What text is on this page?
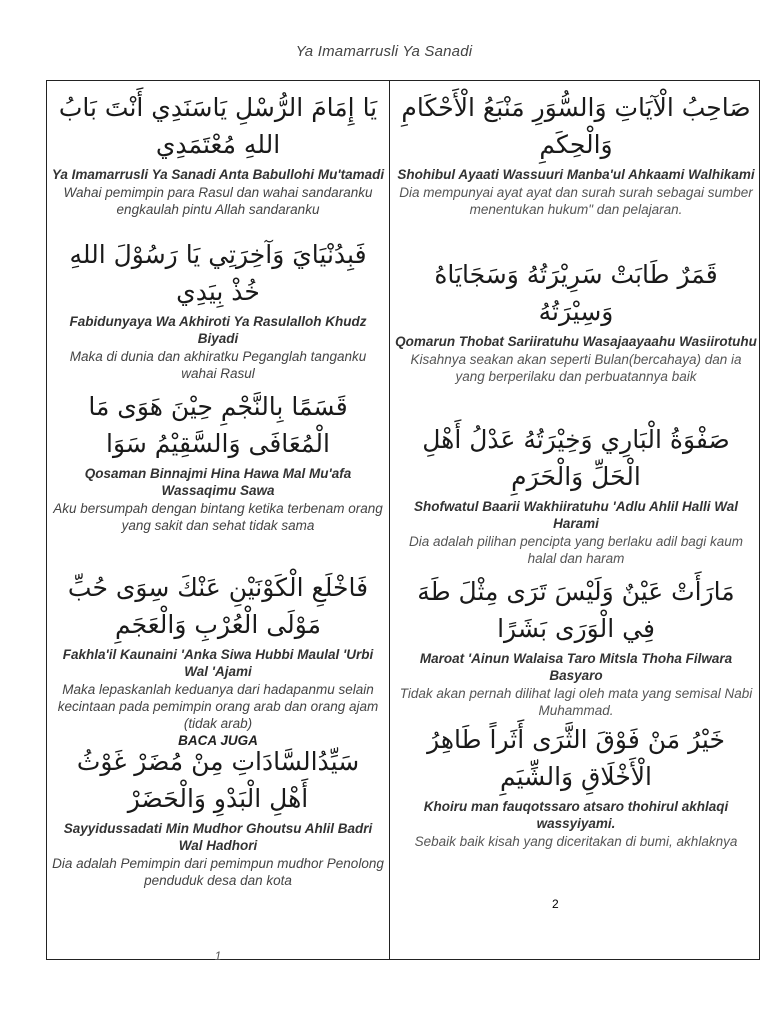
Ya Imamarrusli Ya Sanadi
يَا إِمَامَ الرُّسْلِ يَاسَنَدِي أَنْتَ بَابُ اللهِ مُعْتَمَدِي
Ya Imamarrusli Ya Sanadi Anta Babullohi Mu'tamadi
Wahai pemimpin para Rasul dan wahai sandaranku engkaulah pintu Allah sandaranku
فَبِدُنْيَايَ وَآخِرَتِي يَا رَسُوْلَ اللهِ خُذْ بِيَدِي
Fabidunyaya Wa Akhiroti Ya Rasulalloh Khudz Biyadi
Maka di dunia dan akhiratku Peganglah tanganku wahai Rasul
قَسَمًا بِالنَّجْمِ حِيْنَ هَوَى مَا الْمُعَافَى وَالسَّقِيْمُ سَوَا
Qosaman Binnajmi Hina Hawa Mal Mu'afa Wassaqimu Sawa
Aku bersumpah dengan bintang ketika terbenam orang yang sakit dan sehat tidak sama
فَاخْلَعِ الْكَوْنَيْنِ عَنْكَ سِوَى حُبِّ مَوْلَى الْعُرْبِ وَالْعَجَمِ
Fakhla'il Kaunaini 'Anka Siwa Hubbi Maulal 'Urbi Wal 'Ajami
Maka lepaskanlah keduanya dari hadapanmu selain kecintaan pada pemimpin orang arab dan orang ajam (tidak arab)
BACA JUGA
سَيِّدُالسَّادَاتِ مِنْ مُضَرْ غَوْثُ أَهْلِ الْبَدْوِ وَالْحَضَرْ
Sayyidussadati Min Mudhor Ghoutsu Ahlil Badri Wal Hadhori
Dia adalah Pemimpin dari pemimpun mudhor Penolong penduduk desa dan kota
1
صَاحِبُ الْآيَاتِ وَالسُّوَرِ مَنْبَعُ الْأَحْكَامِ وَالْحِكَمِ
Shohibul Ayaati Wassuuri Manba'ul Ahkaami Walhikami
Dia mempunyai ayat ayat dan surah surah sebagai sumber menentukan hukum" dan pelajaran.
قَمَرٌ طَابَتْ سَرِيْرَتُهُ وَسَجَايَاهُ وَسِيْرَتُهُ
Qomarun Thobat Sariiratuhu Wasajaayaahu Wasiirotuhu
Kisahnya seakan akan seperti Bulan(bercahaya) dan ia yang berperilaku dan perbuatannya baik
صَفْوَةُ الْبَارِي وَخِيْرَتُهُ عَدْلُ أَهْلِ الْحَلِّ وَالْحَرَمِ
Shofwatul Baarii Wakhiiratuhu 'Adlu Ahlil Halli Wal Harami
Dia adalah pilihan pencipta yang berlaku adil bagi kaum halal dan haram
مَارَأَتْ عَيْنٌ وَلَيْسَ تَرَى مِثْلَ طَهَ فِي الْوَرَى بَشَرًا
Maroat 'Ainun Walaisa Taro Mitsla Thoha Filwara Basyaro
Tidak akan pernah dilihat lagi oleh mata yang semisal Nabi Muhammad.
خَيْرُ مَنْ فَوْقَ الثَّرَى أَثَراً طَاهِرُ الْأَخْلَاقِ وَالشِّيَمِ
Khoiru man fauqotssaro atsaro thohirul akhlaqi wassyiyami.
Sebaik baik kisah yang diceritakan di bumi, akhlaknya
2
